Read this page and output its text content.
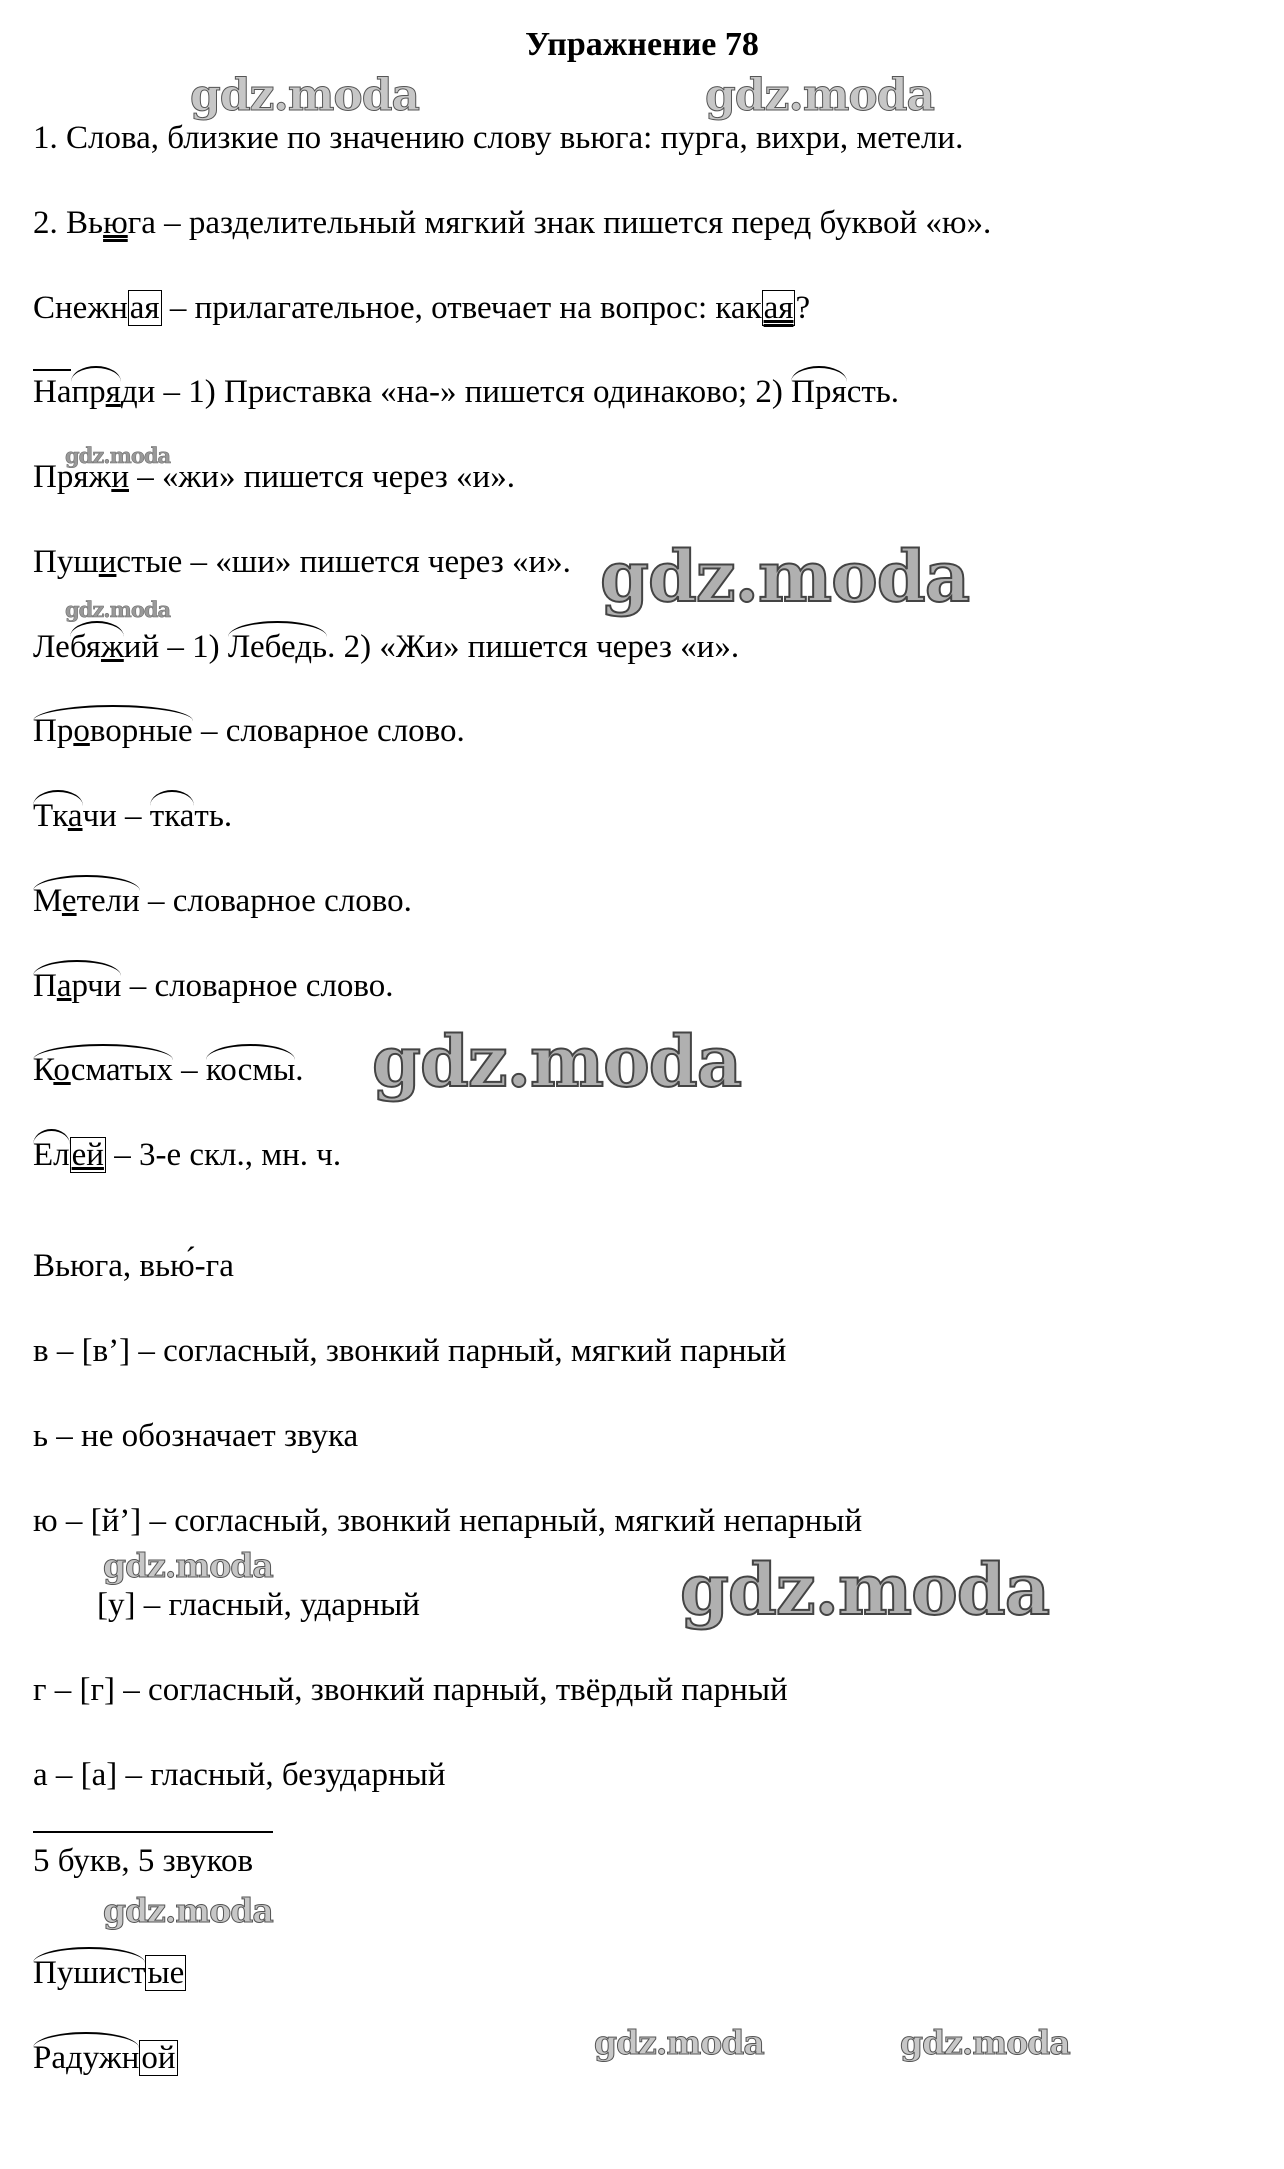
Упражнение 78
gdz.moda	gdz.moda
gdz.moda
gdz.moda
gdz.moda
gdz.moda
gdz.moda	gdz.moda
gdz.moda
gdz.moda	gdz.moda
1. Слова, близкие по значению слову вьюга: пурга, вихри, метели.
2. Вьюга – разделительный мягкий знак пишется перед буквой «ю».
Снежная – прилагательное, отвечает на вопрос: какая?
Напряди – 1) Приставка «на-» пишется одинаково; 2) Прясть.
Пряжи – «жи» пишется через «и».
Пушистые – «ши» пишется через «и».
Лебяжий – 1) Лебедь. 2) «Жи» пишется через «и».
Проворные – словарное слово.
Ткачи – ткать.
Метели – словарное слово.
Парчи – словарное слово.
Косматых – космы.
Елей – 3-е скл., мн. ч.
Вьюга, вью́-га
в – [в’] – согласный, звонкий парный, мягкий парный
ь – не обозначает звука
ю – [й’] – согласный, звонкий непарный, мягкий непарный
[у] – гласный, ударный
г – [г] – согласный, звонкий парный, твёрдый парный
а – [а] – гласный, безударный
5 букв, 5 звуков
Пушистые
Радужной
